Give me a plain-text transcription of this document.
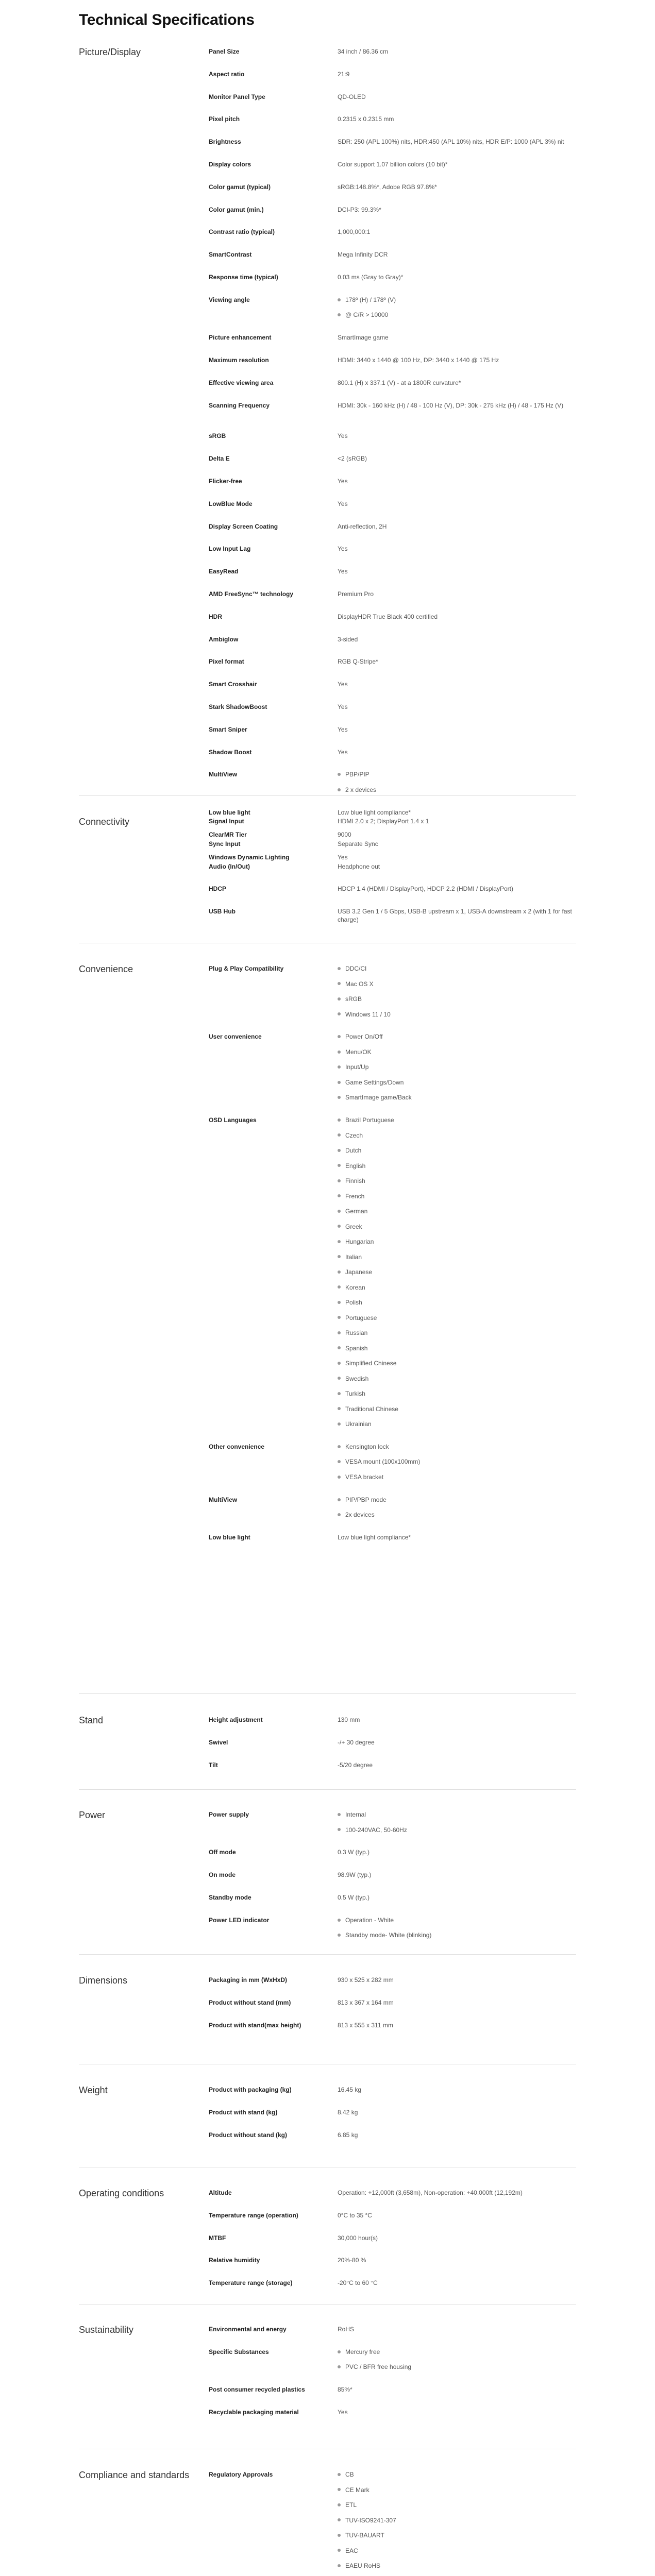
Technical Specifications
Picture/Display	Panel Size	34 inch / 86.36 cm
Aspect ratio	21:9
Monitor Panel Type	QD-OLED
Pixel pitch	0.2315 x 0.2315 mm
Brightness	SDR: 250 (APL 100%) nits, HDR:450 (APL 10%) nits, HDR E/P: 1000 (APL 3%) nit
Display colors	Color support 1.07 billion colors (10 bit)*
Color gamut (typical)	sRGB:148.8%*, Adobe RGB 97.8%*
Color gamut (min.)	DCI-P3: 99.3%*
Contrast ratio (typical)	1,000,000:1
SmartContrast	Mega Infinity DCR
Response time (typical)	0.03 ms (Gray to Gray)*
Viewing angle	178º (H) / 178º (V)
@ C/R > 10000
Picture enhancement	SmartImage game
Maximum resolution	HDMI: 3440 x 1440 @ 100 Hz, DP: 3440 x 1440 @ 175 Hz
Effective viewing area	800.1 (H) x 337.1 (V) - at a 1800R curvature*
Scanning Frequency	HDMI: 30k - 160 kHz (H) / 48 - 100 Hz (V), DP: 30k - 275 kHz (H) / 48 - 175 Hz (V)
sRGB	Yes
Delta E	<2 (sRGB)
Flicker-free	Yes
LowBlue Mode	Yes
Display Screen Coating	Anti-reflection, 2H
Low Input Lag	Yes
EasyRead	Yes
AMD FreeSync™ technology	Premium Pro
HDR	DisplayHDR True Black 400 certified
Ambiglow	3-sided
Pixel format	RGB Q-Stripe*
Smart Crosshair	Yes
Stark ShadowBoost	Yes
Smart Sniper	Yes
Shadow Boost	Yes
MultiView	PBP/PIP
2 x devices
Low blue light	Low blue light compliance*
ClearMR Tier	9000
Windows Dynamic Lighting	Yes
Connectivity	Signal Input	HDMI 2.0 x 2; DisplayPort 1.4 x 1
Sync Input	Separate Sync
Audio (In/Out)	Headphone out
HDCP	HDCP 1.4 (HDMI / DisplayPort), HDCP 2.2 (HDMI / DisplayPort)
USB Hub	USB 3.2 Gen 1 / 5 Gbps, USB-B upstream x 1, USB-A downstream x 2 (with 1 for fast charge)
Convenience	Plug & Play Compatibility	DDC/CI
Mac OS X
sRGB
Windows 11 / 10
User convenience	Power On/Off
Menu/OK
Input/Up
Game Settings/Down
SmartImage game/Back
OSD Languages	Brazil Portuguese
Czech
Dutch
English
Finnish
French
German
Greek
Hungarian
Italian
Japanese
Korean
Polish
Portuguese
Russian
Spanish
Simplified Chinese
Swedish
Turkish
Traditional Chinese
Ukrainian
Other convenience	Kensington lock
VESA mount (100x100mm)
VESA bracket
MultiView	PIP/PBP mode
2x devices
Low blue light	Low blue light compliance*
Stand	Height adjustment	130 mm
Swivel	-/+ 30 degree
Tilt	-5/20 degree
Power	Power supply	Internal
100-240VAC, 50-60Hz
Off mode	0.3 W (typ.)
On mode	98.9W (typ.)
Standby mode	0.5 W (typ.)
Power LED indicator	Operation - White
Standby mode- White (blinking)
Dimensions	Packaging in mm (WxHxD)	930 x 525 x 282 mm
Product without stand (mm)	813 x 367 x 164 mm
Product with stand(max height)	813 x 555 x 311 mm
Weight	Product with packaging (kg)	16.45 kg
Product with stand (kg)	8.42 kg
Product without stand (kg)	6.85 kg
Operating conditions	Altitude	Operation: +12,000ft (3,658m), Non-operation: +40,000ft (12,192m)
Temperature range (operation)	0°C to 35 °C
MTBF	30,000 hour(s)
Relative humidity	20%-80 %
Temperature range (storage)	-20°C to 60 °C
Sustainability	Environmental and energy	RoHS
Specific Substances	Mercury free
PVC / BFR free housing
Post consumer recycled plastics	85%*
Recyclable packaging material	Yes
Compliance and standards	Regulatory Approvals	CB
CE Mark
ETL
TUV-ISO9241-307
TUV-BAUART
EAC
EAEU RoHS
